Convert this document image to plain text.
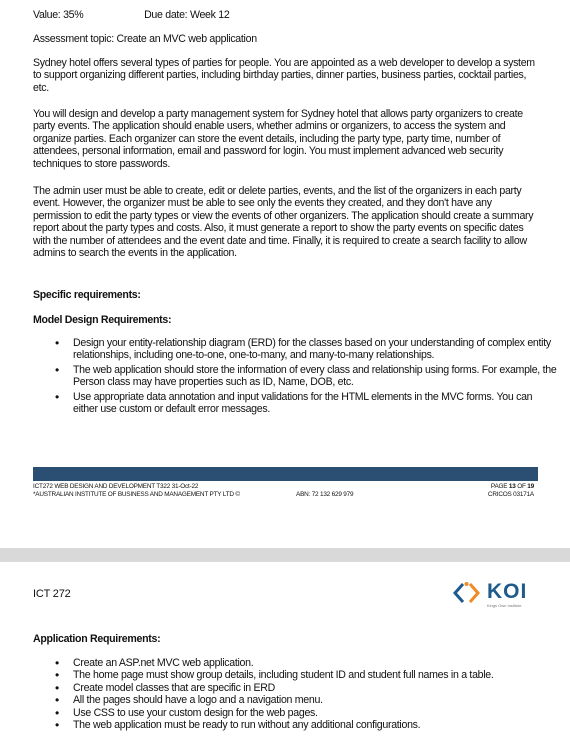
Value: 35%	Due date: Week 12

Assessment topic: Create an MVC web application

Sydney hotel offers several types of parties for people. You are appointed as a web developer to develop a system to support organizing different parties, including birthday parties, dinner parties, business parties, cocktail parties, etc.

You will design and develop a party management system for Sydney hotel that allows party organizers to create party events. The application should enable users, whether admins or organizers, to access the system and organize parties. Each organizer can store the event details, including the party type, party time, number of attendees, personal information, email and password for login. You must implement advanced web security techniques to store passwords.

The admin user must be able to create, edit or delete parties, events, and the list of the organizers in each party event. However, the organizer must be able to see only the events they created, and they don't have any permission to edit the party types or view the events of other organizers. The application should create a summary report about the party types and costs. Also, it must generate a report to show the party events on specific dates with the number of attendees and the event date and time. Finally, it is required to create a search facility to allow admins to search the events in the application.

Specific requirements:

Model Design Requirements:

• Design your entity-relationship diagram (ERD) for the classes based on your understanding of complex entity relationships, including one-to-one, one-to-many, and many-to-many relationships.
• The web application should store the information of every class and relationship using forms. For example, the Person class may have properties such as ID, Name, DOB, etc.
• Use appropriate data annotation and input validations for the HTML elements in the MVC forms. You can either use custom or default error messages.
ICT272 WEB DESIGN AND DEVELOPMENT T322 31-Oct-22
*AUSTRALIAN INSTITUTE OF BUSINESS AND MANAGEMENT PTY LTD ©	ABN: 72 132 629 979
PAGE 13 OF 19
CRICOS 03171A
ICT 272	KOI
Kings Own Institute

Application Requirements:

• Create an ASP.net MVC web application.
• The home page must show group details, including student ID and student full names in a table.
• Create model classes that are specific in ERD
• All the pages should have a logo and a navigation menu.
• Use CSS to use your custom design for the web pages.
• The web application must be ready to run without any additional configurations.
